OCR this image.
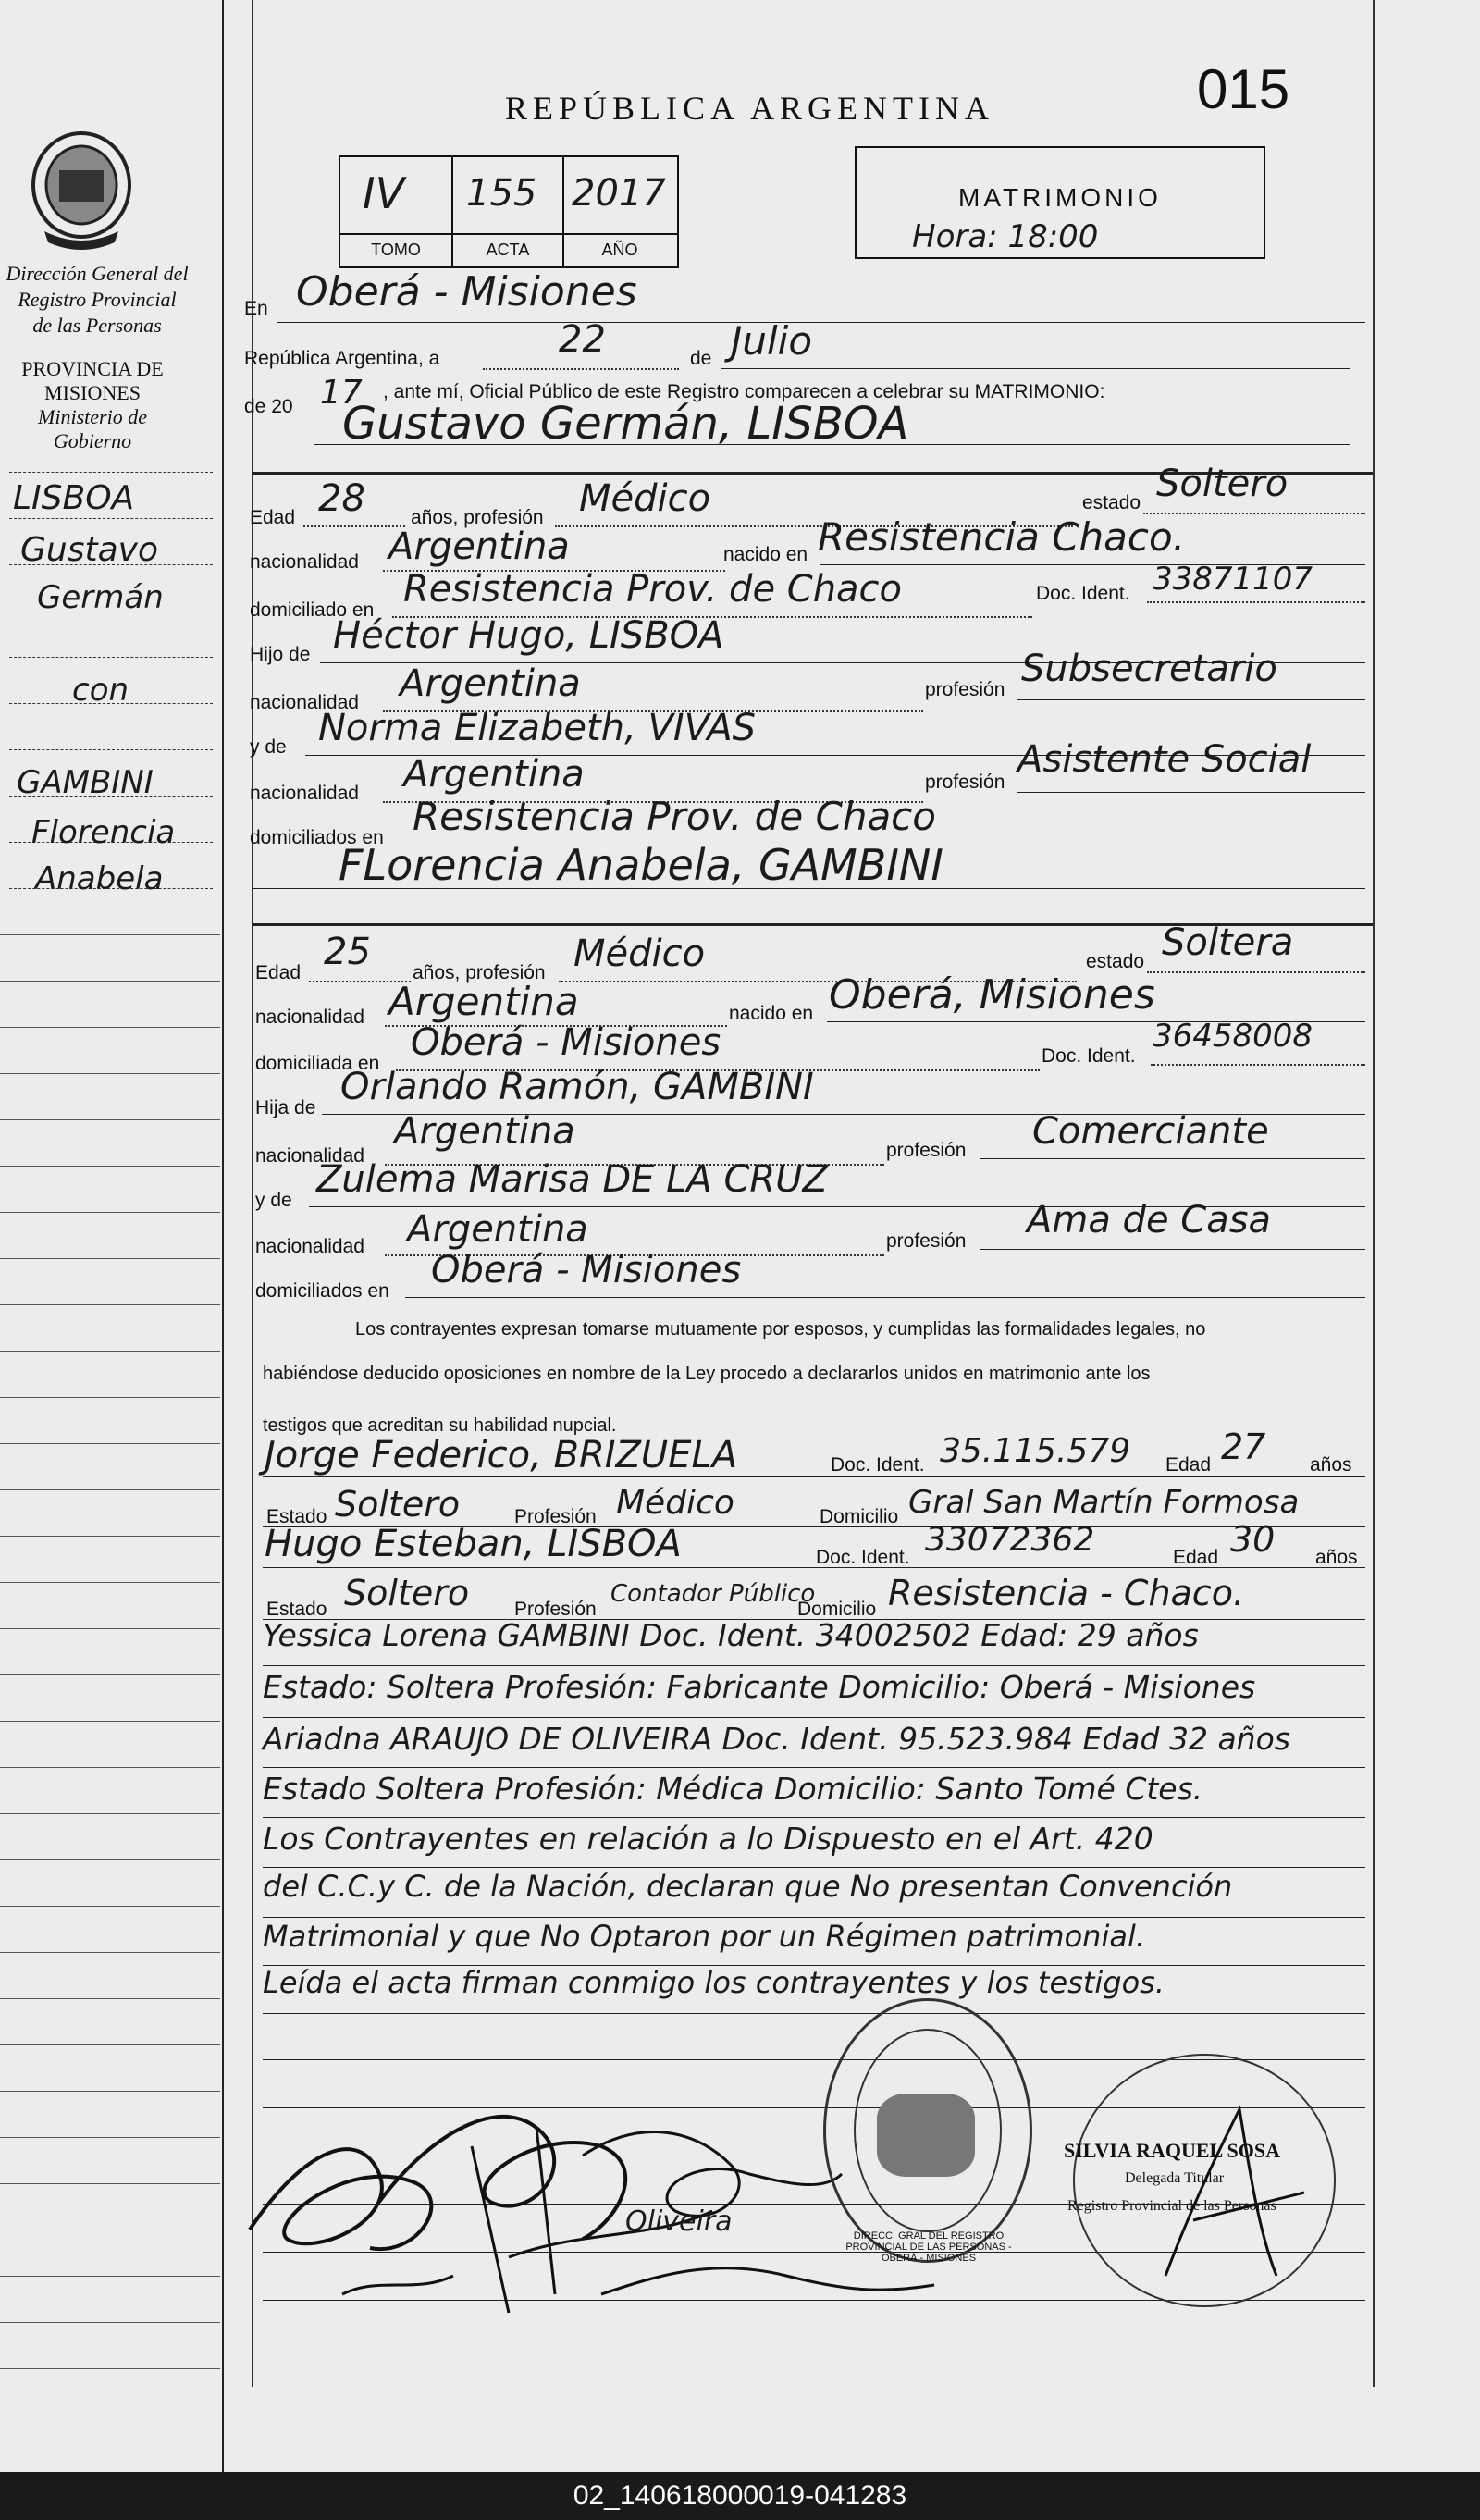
Dirección General del
Registro Provincial
de las Personas
PROVINCIA DE
MISIONES
Ministerio de Gobierno
LISBOA
Gustavo
Germán
con
GAMBINI
Florencia
Anabela
REPÚBLICA ARGENTINA	015
IV 155 2017
TOMO	ACTA	AÑO
MATRIMONIO
Hora: 18:00
En Oberá - Misiones
República Argentina, a	22	de Julio
de 20 17 , ante mí, Oficial Público de este Registro comparecen a celebrar su MATRIMONIO:
Gustavo Germán, LISBOA
Edad 28 años, profesión Médico	estado Soltero
nacionalidad Argentina	nacido en Resistencia Chaco.
domiciliado en Resistencia Prov. de Chaco	Doc. Ident. 33871107
Hijo de Héctor Hugo, LISBOA
nacionalidad Argentina	profesión Subsecretario
y de Norma Elizabeth, VIVAS
nacionalidad Argentina	profesión
Asistente Social
domiciliados en Resistencia Prov. de Chaco
FLorencia Anabela, GAMBINI
Edad 25 años, profesión Médico	estado Soltera
nacionalidad Argentina	nacido en Oberá, Misiones
domiciliada en Oberá - Misiones	Doc. Ident.
36458008
Hija de Orlando Ramón, GAMBINI
nacionalidad
Argentina	profesión Comerciante
y de Zulema Marisa DE LA CRUZ
nacionalidad Argentina	profesión Ama de Casa
domiciliados en Oberá - Misiones
Los contrayentes expresan tomarse mutuamente por esposos, y cumplidas las formalidades legales, no
habiéndose deducido oposiciones en nombre de la Ley procedo a declararlos unidos en matrimonio ante los
testigos que acreditan su habilidad nupcial.
Jorge Federico, BRIZUELA	Doc. Ident. 35.115.579 Edad 27 años
Estado Soltero	Profesión Médico	Domicilio Gral San Martín Formosa
Hugo Esteban, LISBOA	Doc. Ident. 33072362	Edad 30 años
Estado Soltero Profesión
Contador Público
Domicilio Resistencia - Chaco.
Yessica Lorena GAMBINI Doc. Ident. 34002502 Edad: 29 años
Estado: Soltera Profesión: Fabricante Domicilio: Oberá - Misiones
Ariadna ARAUJO DE OLIVEIRA Doc. Ident. 95.523.984 Edad 32 años
Estado Soltera Profesión: Médica Domicilio: Santo Tomé Ctes.
Los Contrayentes en relación a lo Dispuesto en el Art. 420
del C.C.y C. de la Nación, declaran que No presentan Convención
Matrimonial y que No Optaron por un Régimen patrimonial.
Leída el acta firman conmigo los contrayentes y los testigos.
Oliveira	DIRECC. GRAL DEL REGISTRO PROVINCIAL DE LAS PERSONAS - OBERÁ - MISIONES
SILVIA RAQUEL SOSA
Delegada Titular
Registro Provincial de las Personas
02_140618000019-041283
